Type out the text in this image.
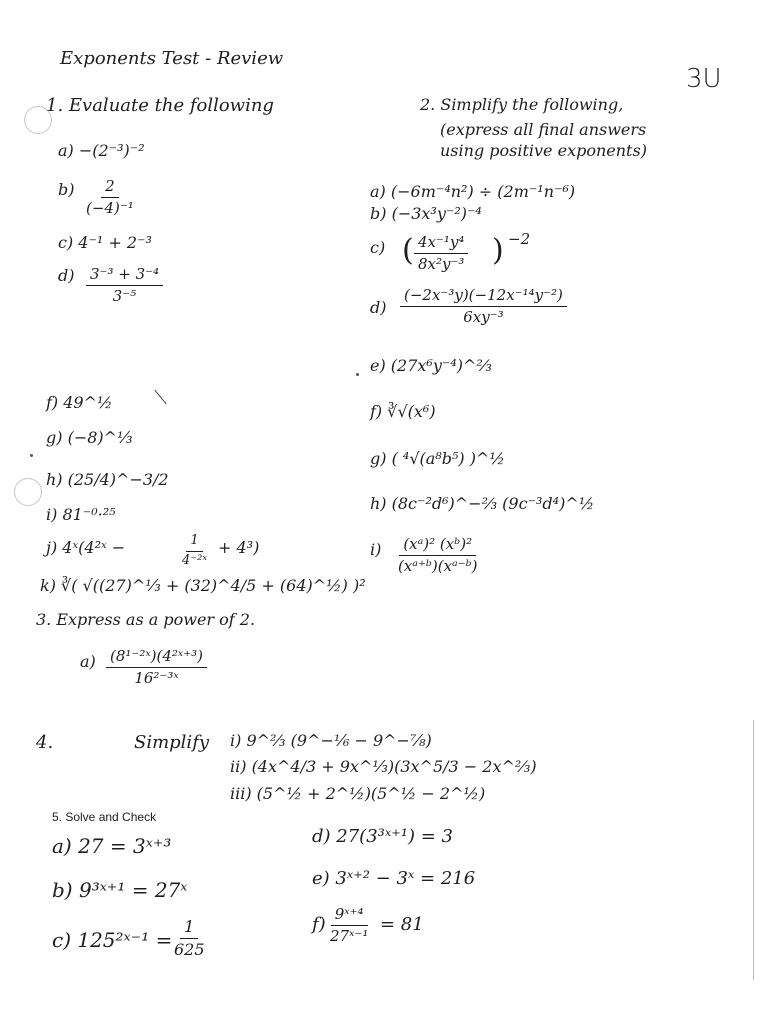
Exponents Test - Review
3U
1. Evaluate the following
a) −(2⁻³)⁻²
$b) \frac{2}{\text{(−4)⁻¹}}$
c) 4⁻¹ + 2⁻³
$d) \frac{\text{3⁻³ + 3⁻⁴}}{\text{3⁻⁵}}$
f) 49^½
g) (−8)^⅓
h) (25/4)^−3/2
i) 81⁻⁰·²⁵
j) 4ˣ(4²ˣ −	$\frac{1}{\text{4⁻²ˣ}} + 4^3$)
k) ∛( √((27)^⅓ + (32)^4/5 + (64)^½) )²
2. Simplify the following,
(express all final answers
using positive exponents)
a) (−6m⁻⁴n²) ÷ (2m⁻¹n⁻⁶)
b) (−3x³y⁻²)⁻⁴
c) ( $\frac{\text{4x⁻¹y⁴}}{\text{8x²y⁻³}}$ ) −2
$d) \frac{\text{(−2x⁻³y)(−12x⁻¹⁴y⁻²)}}{\text{6xy⁻³}}$
e) (27x⁶y⁻⁴)^⅔
f) ∛√(x⁶)
g) ( ⁴√(a⁸b⁵) )^½
h) (8c⁻²d⁶)^−⅔ (9c⁻³d⁴)^½
$i) \frac{\text{(xᵃ)² (xᵇ)²}}{\text{(xᵃ⁺ᵇ)(xᵃ⁻ᵇ)}}$
3. Express as a power of 2.
$a) \frac{\text{(8¹⁻²ˣ)(4²ˣ⁺³)}}{\text{16²⁻³ˣ}}$
4.	Simplify i) 9^⅔ (9^−⅙ − 9^−⅞)
ii) (4x^4/3 + 9x^⅓)(3x^5/3 − 2x^⅔)
iii) (5^½ + 2^½)(5^½ − 2^½)
5. Solve and Check
a) 27 = 3ˣ⁺³
b) 9³ˣ⁺¹ = 27ˣ
c) 125²ˣ⁻¹ =
$\frac{1}{625}$
d) 27(3³ˣ⁺¹) = 3
e) 3ˣ⁺² − 3ˣ = 216
$f) \frac{\text{9ˣ⁺⁴}}{\text{27ˣ⁻¹}} = 81$
